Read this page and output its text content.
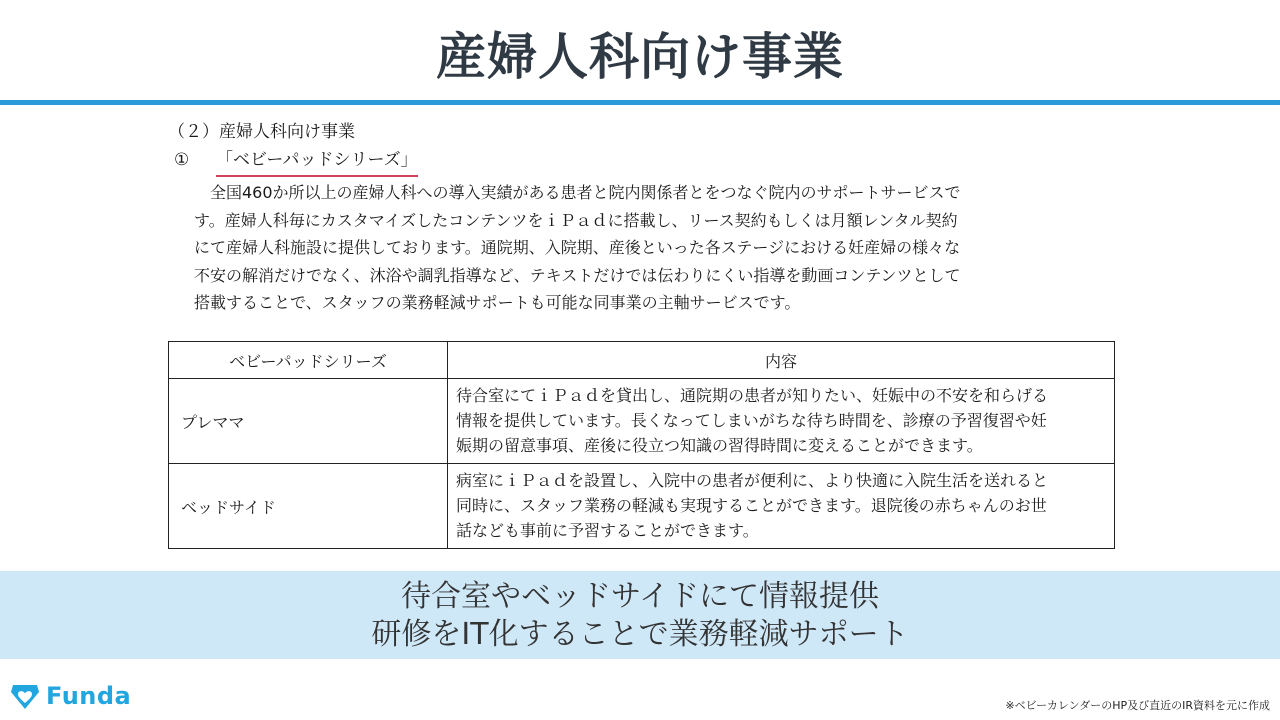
産婦人科向け事業

（２）産婦人科向け事業

① 「ベビーパッドシリーズ」

全国460か所以上の産婦人科への導入実績がある患者と院内関係者とをつなぐ院内のサポートサービスで
す。産婦人科毎にカスタマイズしたコンテンツをｉＰａｄに搭載し、リース契約もしくは月額レンタル契約
にて産婦人科施設に提供しております。通院期、入院期、産後といった各ステージにおける妊産婦の様々な
不安の解消だけでなく、沐浴や調乳指導など、テキストだけでは伝わりにくい指導を動画コンテンツとして
搭載することで、スタッフの業務軽減サポートも可能な同事業の主軸サービスです。
ベビーパッドシリーズ	内容
プレママ	待合室にてｉＰａｄを貸出し、通院期の患者が知りたい、妊娠中の不安を和らげる
情報を提供しています。長くなってしまいがちな待ち時間を、診療の予習復習や妊
娠期の留意事項、産後に役立つ知識の習得時間に変えることができます。

ベッドサイド	病室にｉＰａｄを設置し、入院中の患者が便利に、より快適に入院生活を送れると
同時に、スタッフ業務の軽減も実現することができます。退院後の赤ちゃんのお世
話なども事前に予習することができます。
待合室やベッドサイドにて情報提供
研修をIT化することで業務軽減サポート
Funda	※ベビーカレンダーのHP及び直近のIR資料を元に作成
